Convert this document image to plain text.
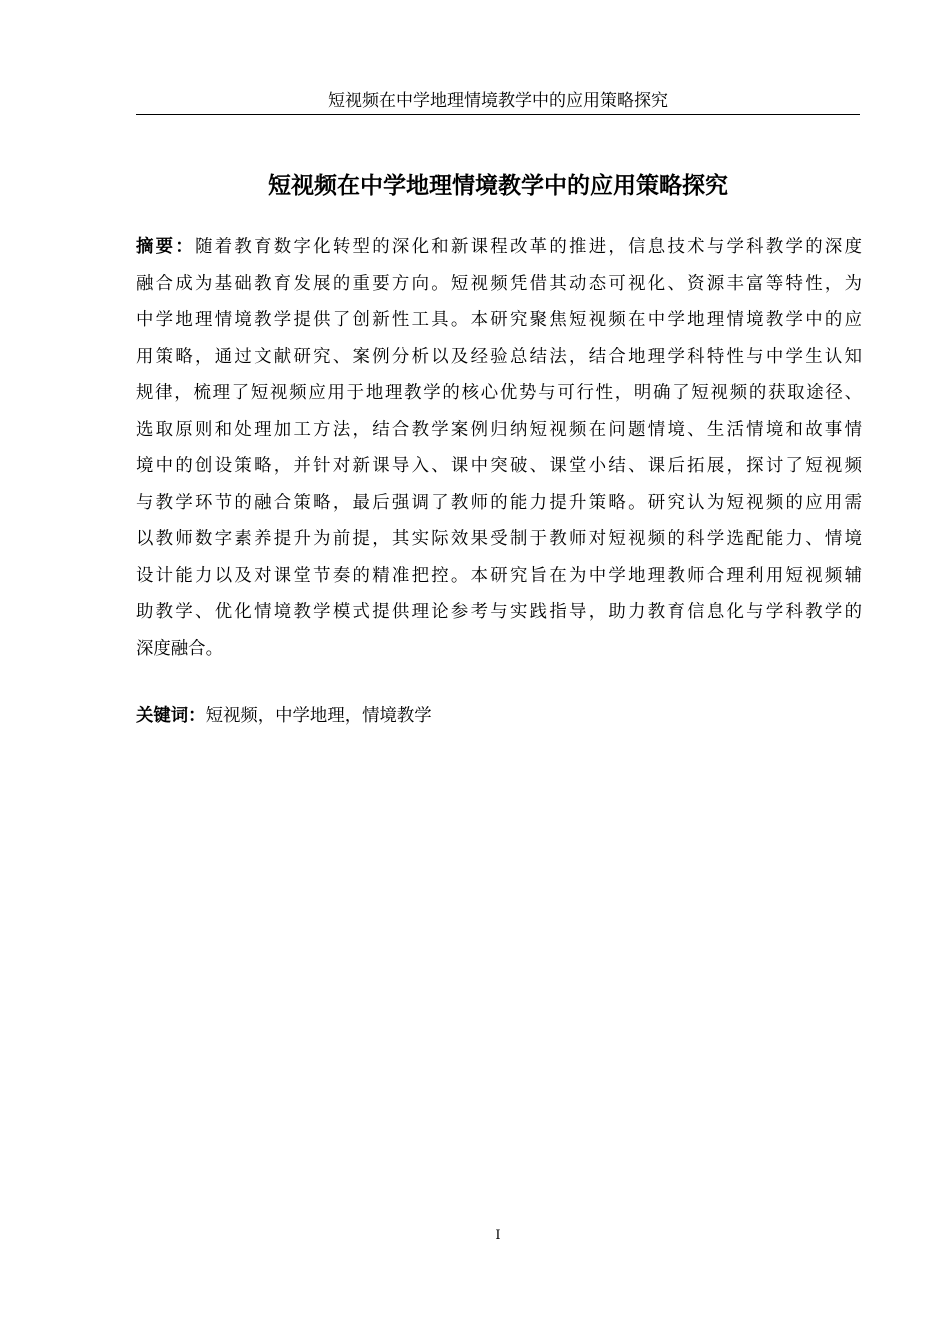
短视频在中学地理情境教学中的应用策略探究
短视频在中学地理情境教学中的应用策略探究
摘要：随着教育数字化转型的深化和新课程改革的推进，信息技术与学科教学的深度
融合成为基础教育发展的重要方向。短视频凭借其动态可视化、资源丰富等特性，为
中学地理情境教学提供了创新性工具。本研究聚焦短视频在中学地理情境教学中的应
用策略，通过文献研究、案例分析以及经验总结法，结合地理学科特性与中学生认知
规律，梳理了短视频应用于地理教学的核心优势与可行性，明确了短视频的获取途径、
选取原则和处理加工方法，结合教学案例归纳短视频在问题情境、生活情境和故事情
境中的创设策略，并针对新课导入、课中突破、课堂小结、课后拓展，探讨了短视频
与教学环节的融合策略，最后强调了教师的能力提升策略。研究认为短视频的应用需
以教师数字素养提升为前提，其实际效果受制于教师对短视频的科学选配能力、情境
设计能力以及对课堂节奏的精准把控。本研究旨在为中学地理教师合理利用短视频辅
助教学、优化情境教学模式提供理论参考与实践指导，助力教育信息化与学科教学的
深度融合。
关键词：短视频，中学地理，情境教学
I
